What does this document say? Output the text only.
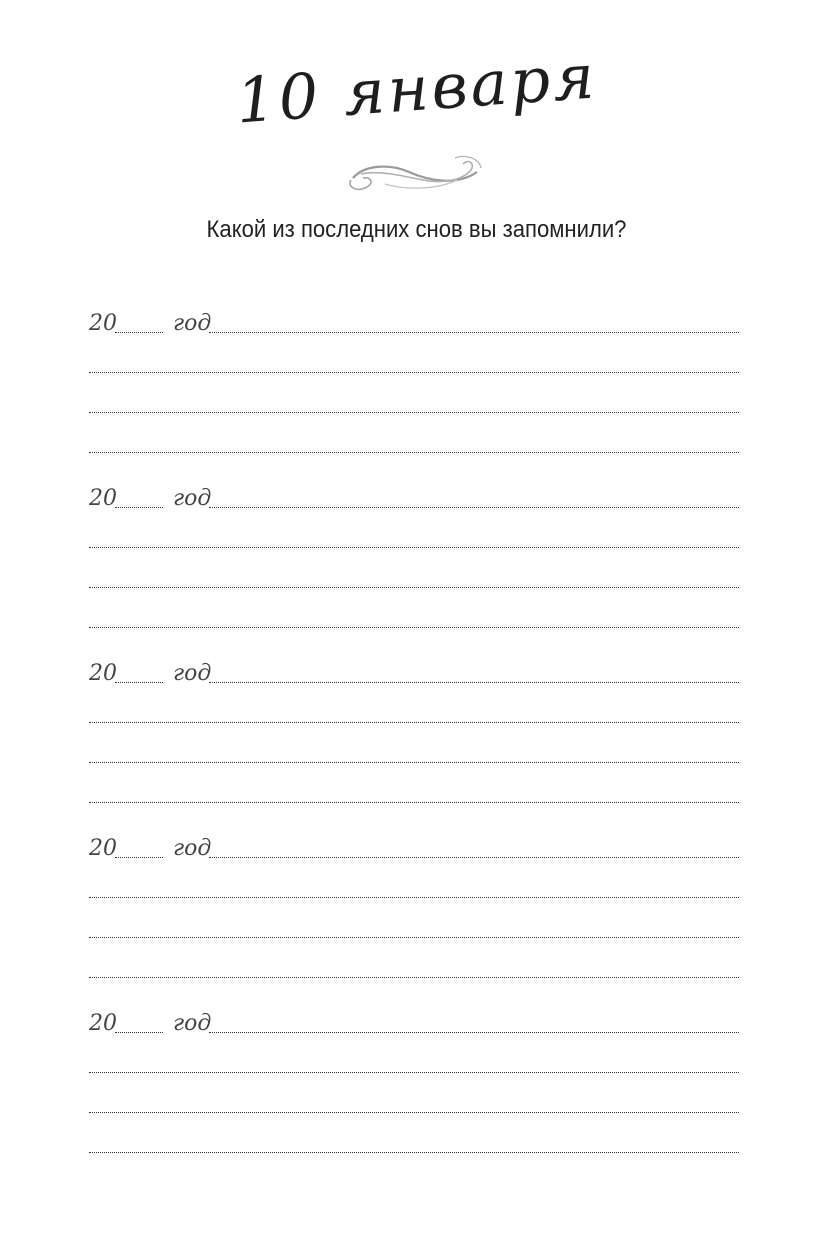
10 января
Какой из последних снов вы запомнили?
20	год
20	год
20	год
20	год
20	год
